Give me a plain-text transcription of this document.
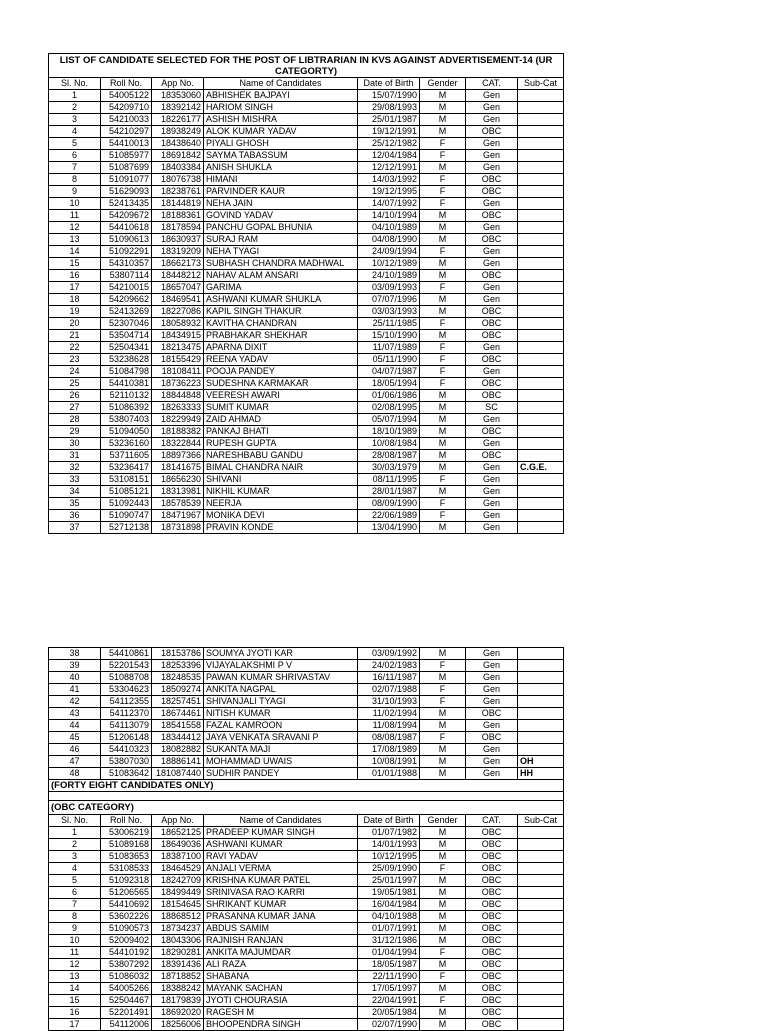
LIST OF CANDIDATE SELECTED FOR THE POST OF LIBTRARIAN IN KVS AGAINST ADVERTISEMENT-14 (UR CATEGORTY)							
Sl. No.	Roll No.	App No.	Name of Candidates	Date of Birth	Gender	CAT.	Sub-Cat
1	54005122	18353060	ABHISHEK BAJPAYI	15/07/1990	M	Gen	
2	54209710	18392142	HARIOM SINGH	29/08/1993	M	Gen	
3	54210033	18226177	ASHISH MISHRA	25/01/1987	M	Gen	
4	54210297	18938249	ALOK KUMAR YADAV	19/12/1991	M	OBC	
5	54410013	18438640	PIYALI GHOSH	25/12/1982	F	Gen	
6	51085977	18691842	SAYMA TABASSUM	12/04/1984	F	Gen	
7	51087699	18403384	ANISH SHUKLA	12/12/1991	M	Gen	
8	51091077	18076738	HIMANI	14/03/1992	F	OBC	
9	51629093	18238761	PARVINDER KAUR	19/12/1995	F	OBC	
10	52413435	18144819	NEHA JAIN	14/07/1992	F	Gen	
11	54209672	18188361	GOVIND YADAV	14/10/1994	M	OBC	
12	54410618	18178594	PANCHU GOPAL BHUNIA	04/10/1989	M	Gen	
13	51090613	18630937	SURAJ RAM	04/08/1990	M	OBC	
14	51092291	18319209	NEHA TYAGI	24/09/1994	F	Gen	
15	54310357	18662173	SUBHASH CHANDRA MADHWAL	10/12/1989	M	Gen	
16	53807114	18448212	NAHAV ALAM ANSARI	24/10/1989	M	OBC	
17	54210015	18657047	GARIMA	03/09/1993	F	Gen	
18	54209662	18469541	ASHWANI KUMAR SHUKLA	07/07/1996	M	Gen	
19	52413269	18227086	KAPIL SINGH THAKUR	03/03/1993	M	OBC	
20	52307046	18058932	KAVITHA CHANDRAN	25/11/1985	F	OBC	
21	53504714	18434915	PRABHAKAR SHEKHAR	15/10/1990	M	OBC	
22	52504341	18213475	APARNA DIXIT	11/07/1989	F	Gen	
23	53238628	18155429	REENA YADAV	05/11/1990	F	OBC	
24	51084798	18108411	POOJA PANDEY	04/07/1987	F	Gen	
25	54410381	18736223	SUDESHNA KARMAKAR	18/05/1994	F	OBC	
26	52110132	18844848	VEERESH AWARI	01/06/1986	M	OBC	
27	51086392	18263333	SUMIT KUMAR	02/08/1995	M	SC	
28	53807403	18229949	ZAID AHMAD	05/07/1994	M	Gen	
29	51094050	18188382	PANKAJ BHATI	18/10/1989	M	OBC	
30	53236160	18322844	RUPESH GUPTA	10/08/1984	M	Gen	
31	53711605	18897366	NARESHBABU GANDU	28/08/1987	M	OBC	
32	53236417	18141675	BIMAL CHANDRA NAIR	30/03/1979	M	Gen	C.G.E.
33	53108151	18656230	SHIVANI	08/11/1995	F	Gen	
34	51085121	18313981	NIKHIL KUMAR	28/01/1987	M	Gen	
35	51092443	18578539	NEERJA	08/09/1990	F	Gen	
36	51090747	18471967	MONIKA DEVI	22/06/1989	F	Gen	
37	52712138	18731898	PRAVIN KONDE	13/04/1990	M	Gen	
38	54410861	18153786	SOUMYA JYOTI KAR	03/09/1992	M	Gen	
39	52201543	18253396	VIJAYALAKSHMI P V	24/02/1983	F	Gen	
40	51088708	18248535	PAWAN KUMAR SHRIVASTAV	16/11/1987	M	Gen	
41	53304623	18509274	ANKITA NAGPAL	02/07/1988	F	Gen	
42	54112355	18257451	SHIVANJALI TYAGI	31/10/1993	F	Gen	
43	54112370	18674461	NITISH KUMAR	11/02/1994	M	OBC	
44	54113079	18541558	FAZAL KAMROON	11/08/1994	M	Gen	
45	51206148	18344412	JAYA VENKATA SRAVANI P	08/08/1987	F	OBC	
46	54410323	18082882	SUKANTA MAJI	17/08/1989	M	Gen	
47	53807030	18886141	MOHAMMAD UWAIS	10/08/1991	M	Gen	OH
48	51083642	181087440	SUDHIR PANDEY	01/01/1988	M	Gen	HH
(FORTY EIGHT CANDIDATES ONLY)							

(OBC CATEGORY)							
Sl. No.	Roll No.	App No.	Name of Candidates	Date of Birth	Gender	CAT.	Sub-Cat
1	53006219	18652125	PRADEEP KUMAR SINGH	01/07/1982	M	OBC	
2	51089168	18649036	ASHWANI KUMAR	14/01/1993	M	OBC	
3	51083653	18387100	RAVI YADAV	10/12/1995	M	OBC	
4	53108533	18464529	ANJALI VERMA	25/09/1990	F	OBC	
5	51092318	18242709	KRISHNA KUMAR PATEL	25/01/1997	M	OBC	
6	51206565	18499449	SRINIVASA RAO KARRI	19/05/1981	M	OBC	
7	54410692	18154645	SHRIKANT KUMAR	16/04/1984	M	OBC	
8	53602226	18868512	PRASANNA KUMAR JANA	04/10/1988	M	OBC	
9	51090573	18734237	ABDUS SAMIM	01/07/1991	M	OBC	
10	52009402	18043306	RAJNISH RANJAN	31/12/1986	M	OBC	
11	54410192	18290281	ANKITA MAJUMDAR	01/04/1994	F	OBC	
12	53807292	18391436	ALI RAZA	18/05/1987	M	OBC	
13	51086032	18718852	SHABANA	22/11/1990	F	OBC	
14	54005266	18388242	MAYANK SACHAN	17/05/1997	M	OBC	
15	52504467	18179839	JYOTI CHOURASIA	22/04/1991	F	OBC	
16	52201491	18692020	RAGESH M	20/05/1984	M	OBC	
17	54112006	18256006	BHOOPENDRA SINGH	02/07/1990	M	OBC	
